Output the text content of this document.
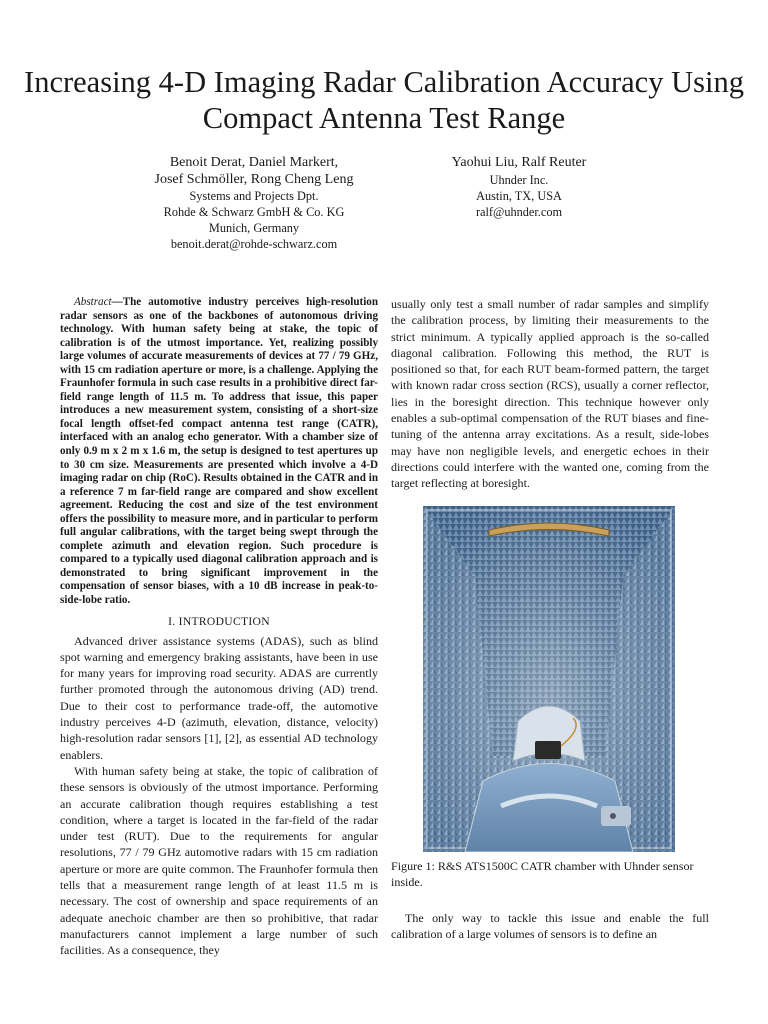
Increasing 4-D Imaging Radar Calibration Accuracy Using Compact Antenna Test Range
Benoit Derat, Daniel Markert,
Josef Schmöller, Rong Cheng Leng
Systems and Projects Dpt.
Rohde & Schwarz GmbH & Co. KG
Munich, Germany
benoit.derat@rohde-schwarz.com
Yaohui Liu, Ralf Reuter
Uhnder Inc.
Austin, TX, USA
ralf@uhnder.com

Abstract—The automotive industry perceives high-resolution radar sensors as one of the backbones of autonomous driving technology. With human safety being at stake, the topic of calibration is of the utmost importance. Yet, realizing possibly large volumes of accurate measurements of devices at 77 / 79 GHz, with 15 cm radiation aperture or more, is a challenge. Applying the Fraunhofer formula in such case results in a prohibitive direct far-field range length of 11.5 m. To address that issue, this paper introduces a new measurement system, consisting of a short-size focal length offset-fed compact antenna test range (CATR), interfaced with an analog echo generator. With a chamber size of only 0.9 m x 2 m x 1.6 m, the setup is designed to test apertures up to 30 cm size. Measurements are presented which involve a 4-D imaging radar on chip (RoC). Results obtained in the CATR and in a reference 7 m far-field range are compared and show excellent agreement. Reducing the cost and size of the test environment offers the possibility to measure more, and in particular to perform full angular calibrations, with the target being swept through the complete azimuth and elevation region. Such procedure is compared to a typically used diagonal calibration approach and is demonstrated to bring significant improvement in the compensation of sensor biases, with a 10 dB increase in peak-to-side-lobe ratio.

I. INTRODUCTION

Advanced driver assistance systems (ADAS), such as blind spot warning and emergency braking assistants, have been in use for many years for improving road security. ADAS are currently further promoted through the autonomous driving (AD) trend. Due to their cost to performance trade-off, the automotive industry perceives 4-D (azimuth, elevation, distance, velocity) high-resolution radar sensors [1], [2], as essential AD technology enablers.

With human safety being at stake, the topic of calibration of these sensors is obviously of the utmost importance. Performing an accurate calibration though requires establishing a test condition, where a target is located in the far-field of the radar under test (RUT). Due to the requirements for angular resolutions, 77 / 79 GHz automotive radars with 15 cm radiation aperture or more are quite common. The Fraunhofer formula then tells that a measurement range length of at least 11.5 m is necessary. The cost of ownership and space requirements of an adequate anechoic chamber are then so prohibitive, that radar manufacturers cannot implement a large number of such facilities. As a consequence, they

usually only test a small number of radar samples and simplify the calibration process, by limiting their measurements to the strict minimum. A typically applied approach is the so-called diagonal calibration. Following this method, the RUT is positioned so that, for each RUT beam-formed pattern, the target with known radar cross section (RCS), usually a corner reflector, lies in the boresight direction. This technique however only enables a sub-optimal compensation of the RUT biases and fine-tuning of the antenna array excitations. As a result, side-lobes may have non negligible levels, and energetic echoes in their directions could interfere with the wanted one, coming from the target reflecting at boresight.

Figure 1: R&S ATS1500C CATR chamber with Uhnder sensor inside.

The only way to tackle this issue and enable the full calibration of a large volumes of sensors is to define an
